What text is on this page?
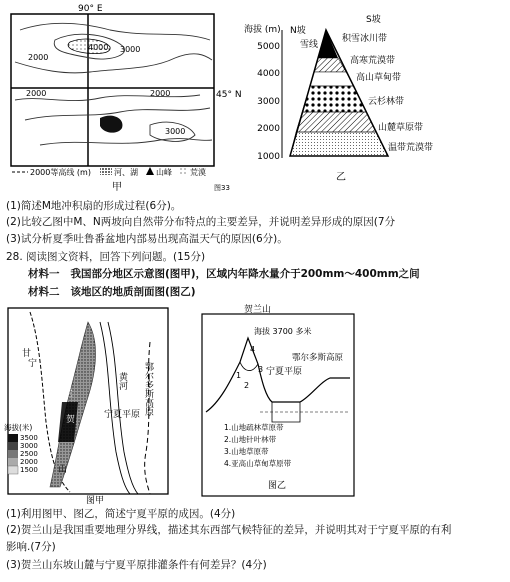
2000
3000
4000
2000	2000
3000
90° E
45° N
2000等高线 (m)	河、湖 山峰 荒漠
甲	图33
海拔 (m) N坡
S坡
5000
4000
3000
2000
1000
雪线
积雪冰川带
高寒荒漠带
高山草甸带
云杉林带
山麓草原带
温带荒漠带
乙
(1)简述M地冲积扇的形成过程(6分)。
(2)比较乙图中M、N两坡向自然带分布特点的主要差异，并说明差异形成的原因(7分
(3)试分析夏季吐鲁番盆地内部易出现高温天气的原因(6分)。
28. 阅读图文资料，回答下列问题。(15分)
材料一 我国部分地区示意图(图甲)，区域内年降水量介于200mm～400mm之间
材料二 该地区的地质剖面图(图乙)
甘
宁
兰
贺
山
宁夏平原 鄂尔多斯高原
黄河
海拔(米)
3500
3000
2500
2000
1500
图甲
贺兰山
海拔 3700 多米
1
2
3
4
宁夏平原
鄂尔多斯高原
1.山地疏林草原带
2.山地针叶林带
3.山地草原带
4.亚高山草甸草原带
图乙
(1)利用图甲、图乙，简述宁夏平原的成因。(4分)
(2)贺兰山是我国重要地理分界线，描述其东西部气候特征的差异，并说明其对于宁夏平原的有利
影响.(7分)
(3)贺兰山东坡山麓与宁夏平原排灌条件有何差异？(4分)
